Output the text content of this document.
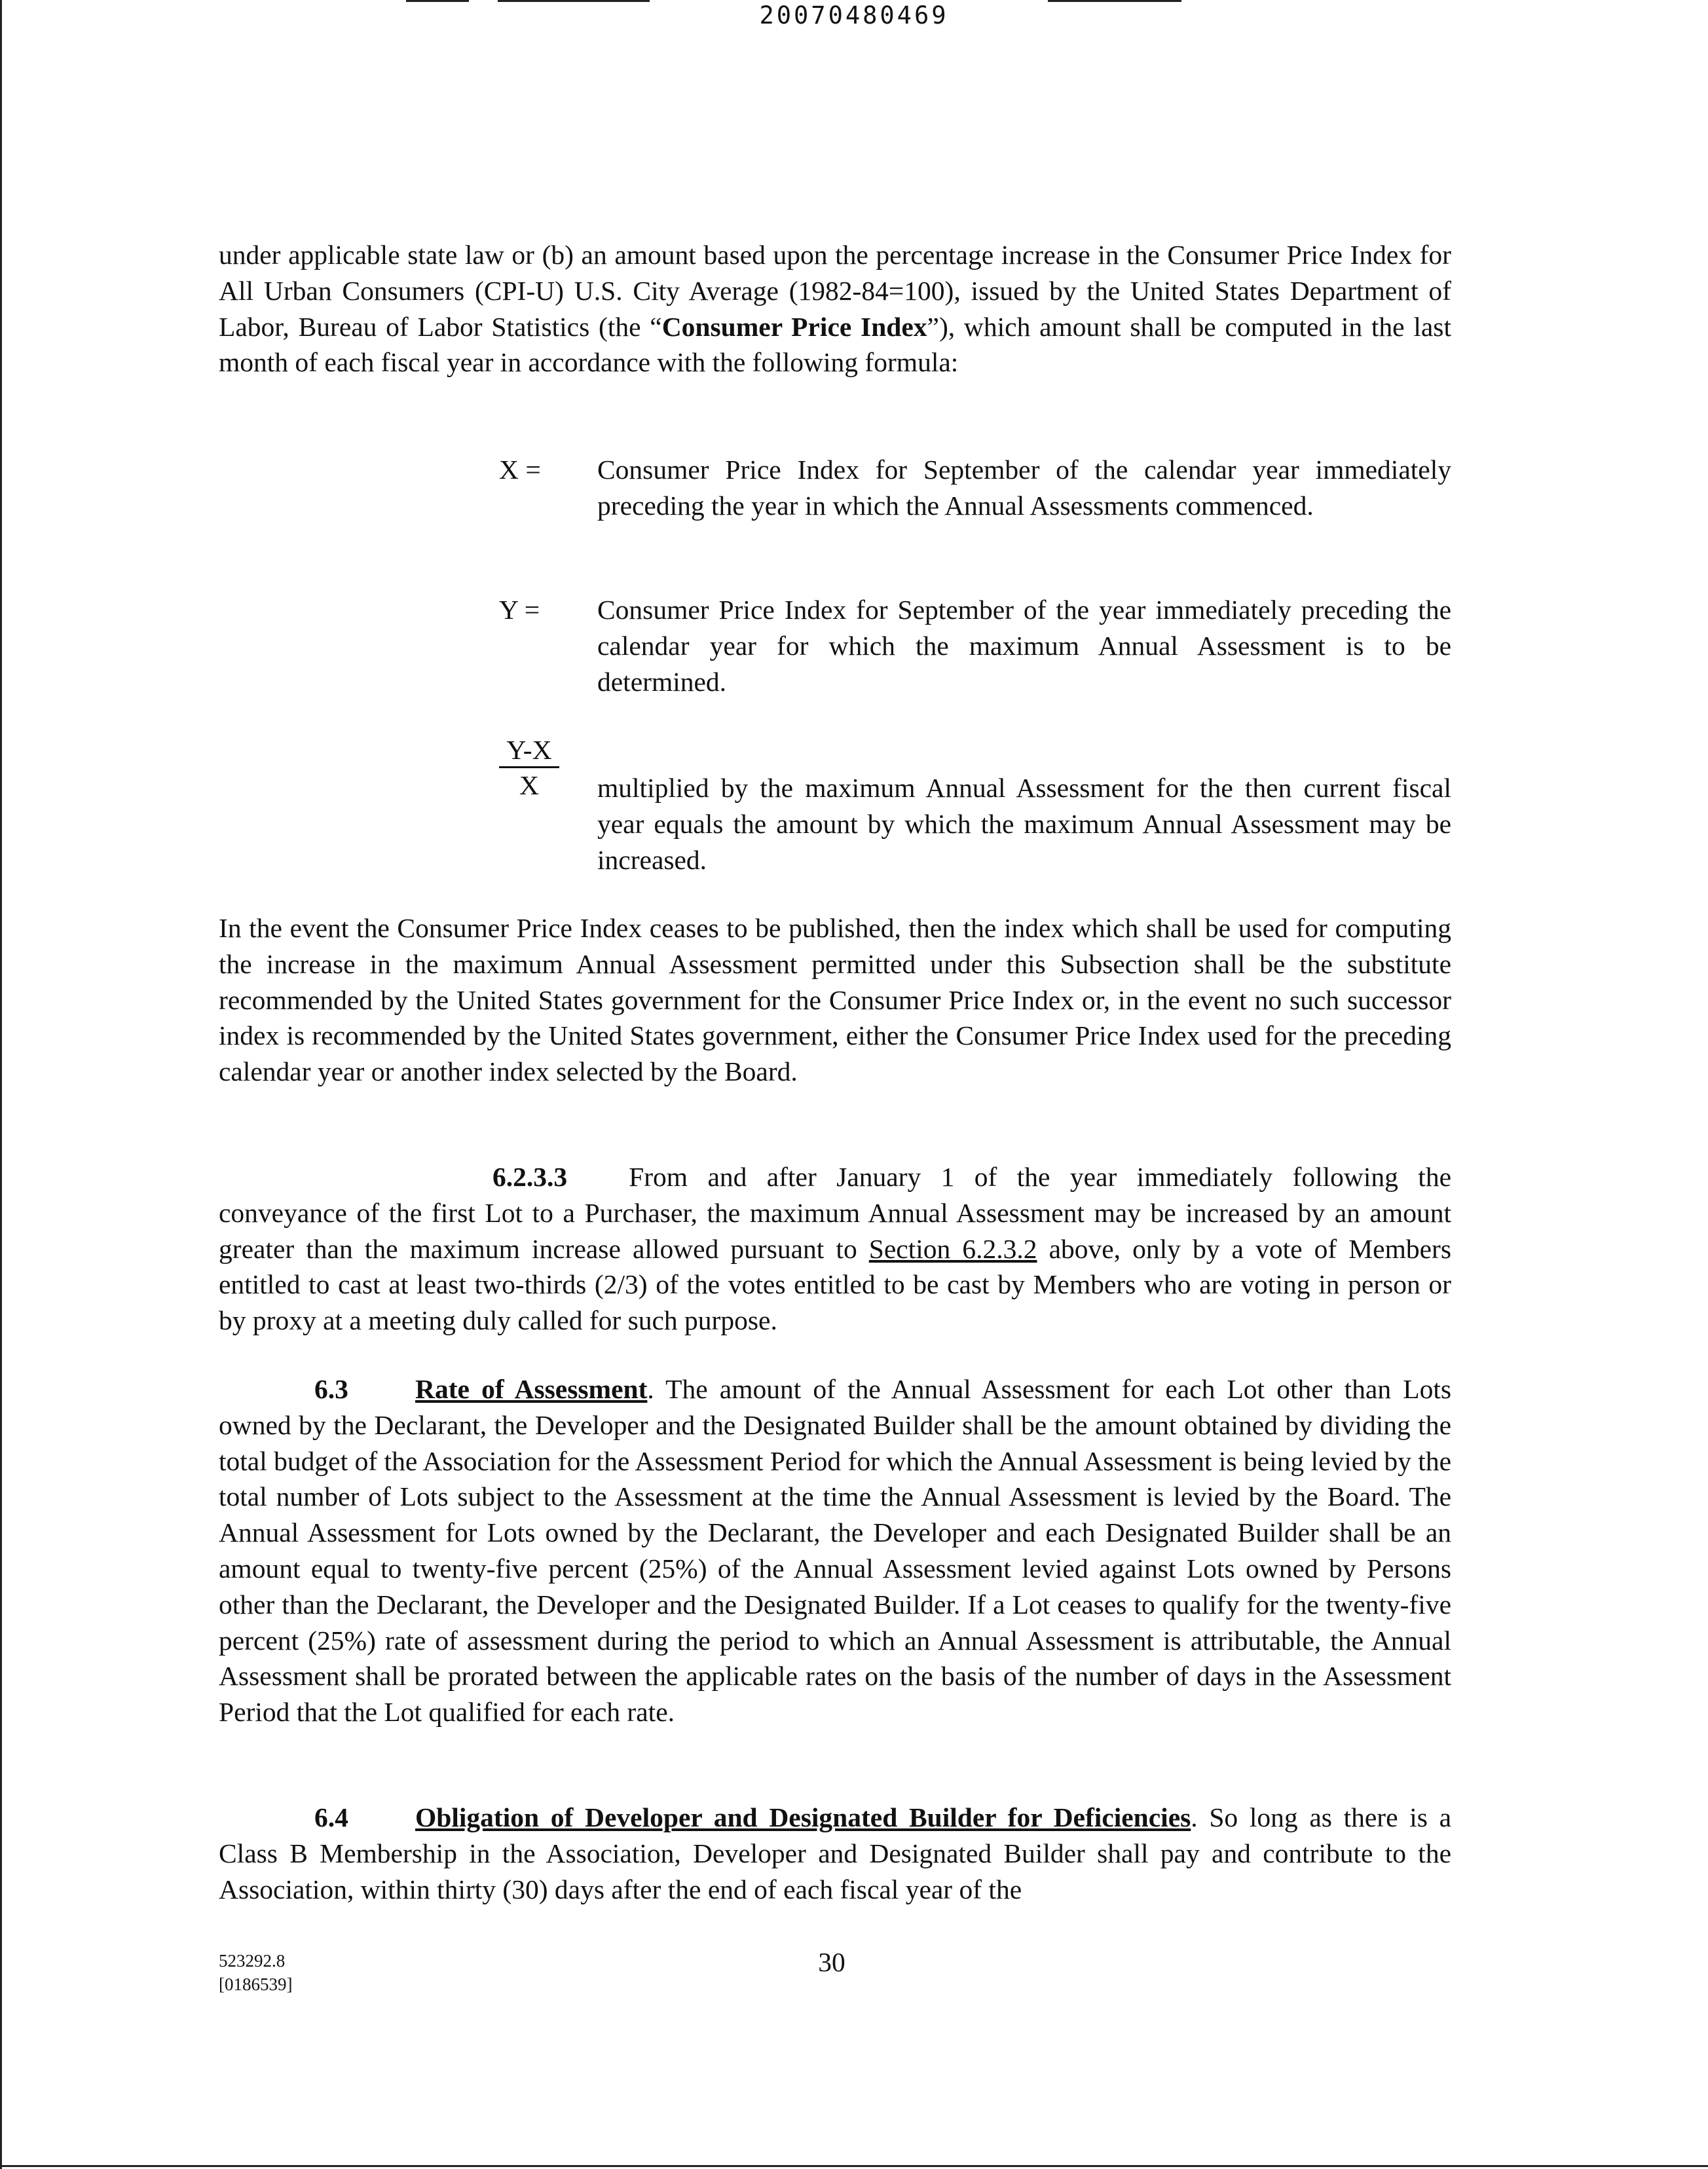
20070480469

under applicable state law or (b) an amount based upon the percentage increase in the Consumer Price Index for All Urban Consumers (CPI-U) U.S. City Average (1982-84=100), issued by the United States Department of Labor, Bureau of Labor Statistics (the “Consumer Price Index”), which amount shall be computed in the last month of each fiscal year in accordance with the following formula:

X = Consumer Price Index for September of the calendar year immediately preceding the year in which the Annual Assessments commenced.

Y = Consumer Price Index for September of the year immediately preceding the calendar year for which the maximum Annual Assessment is to be determined.

$\frac{Y-X}{X}$ multiplied by the maximum Annual Assessment for the then current fiscal year equals the amount by which the maximum Annual Assessment may be increased.

In the event the Consumer Price Index ceases to be published, then the index which shall be used for computing the increase in the maximum Annual Assessment permitted under this Subsection shall be the substitute recommended by the United States government for the Consumer Price Index or, in the event no such successor index is recommended by the United States government, either the Consumer Price Index used for the preceding calendar year or another index selected by the Board.

6.2.3.3 From and after January 1 of the year immediately following the conveyance of the first Lot to a Purchaser, the maximum Annual Assessment may be increased by an amount greater than the maximum increase allowed pursuant to Section 6.2.3.2 above, only by a vote of Members entitled to cast at least two-thirds (2/3) of the votes entitled to be cast by Members who are voting in person or by proxy at a meeting duly called for such purpose.

6.3 Rate of Assessment. The amount of the Annual Assessment for each Lot other than Lots owned by the Declarant, the Developer and the Designated Builder shall be the amount obtained by dividing the total budget of the Association for the Assessment Period for which the Annual Assessment is being levied by the total number of Lots subject to the Assessment at the time the Annual Assessment is levied by the Board. The Annual Assessment for Lots owned by the Declarant, the Developer and each Designated Builder shall be an amount equal to twenty-five percent (25%) of the Annual Assessment levied against Lots owned by Persons other than the Declarant, the Developer and the Designated Builder. If a Lot ceases to qualify for the twenty-five percent (25%) rate of assessment during the period to which an Annual Assessment is attributable, the Annual Assessment shall be prorated between the applicable rates on the basis of the number of days in the Assessment Period that the Lot qualified for each rate.

6.4 Obligation of Developer and Designated Builder for Deficiencies. So long as there is a Class B Membership in the Association, Developer and Designated Builder shall pay and contribute to the Association, within thirty (30) days after the end of each fiscal year of the

523292.8
[0186539]
30
